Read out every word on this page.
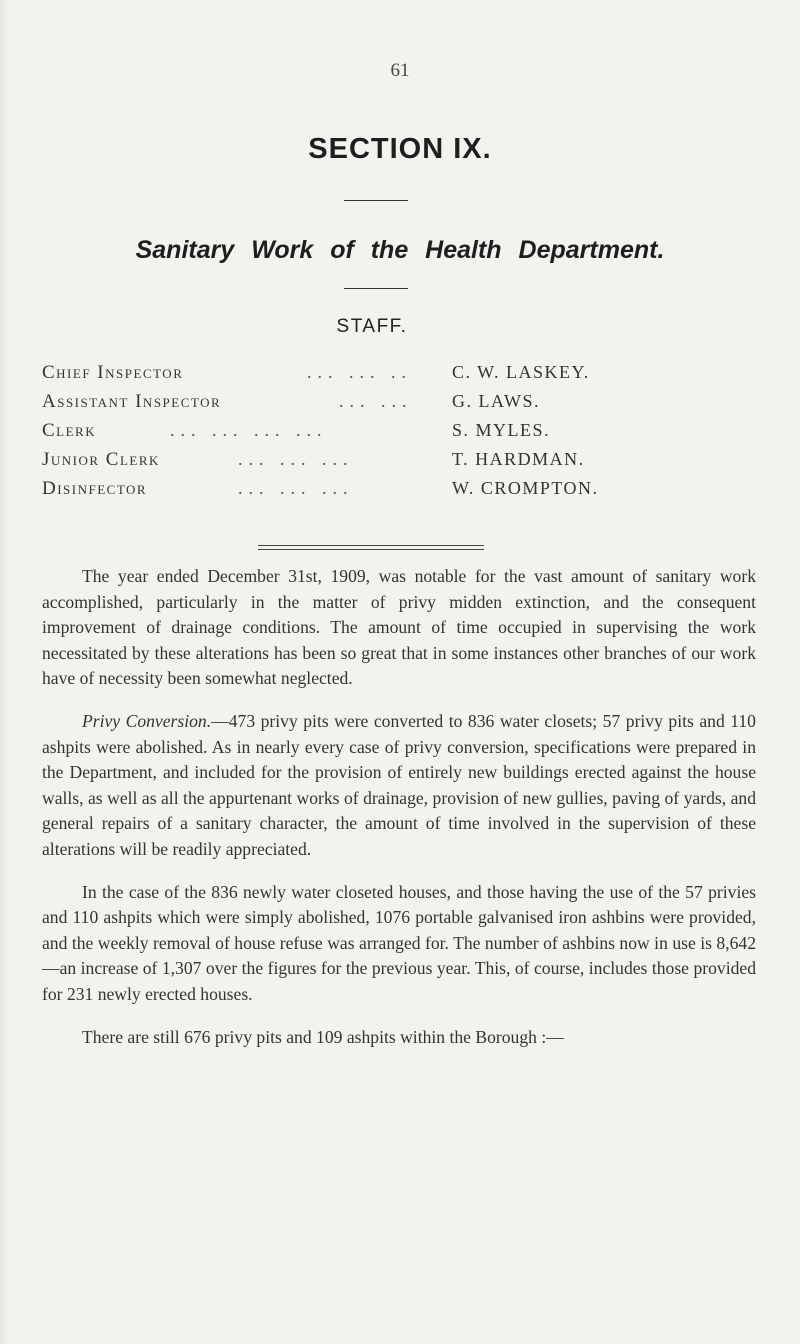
61
SECTION IX.
Sanitary Work of the Health Department.
STAFF.
Chief Inspector	... ... .. C. W. LASKEY.
Assistant Inspector	... ... G. LAWS.
Clerk	... ... ... ...	S. MYLES.
Junior Clerk	... ... ...	T. HARDMAN.
Disinfector	... ... ...	W. CROMPTON.

The year ended December 31st, 1909, was notable for the vast amount of sanitary work accomplished, particularly in the matter of privy midden extinction, and the consequent improvement of drainage conditions. The amount of time occupied in supervising the work necessitated by these alterations has been so great that in some instances other branches of our work have of necessity been somewhat neglected.

Privy Conversion.—473 privy pits were converted to 836 water closets; 57 privy pits and 110 ashpits were abolished. As in nearly every case of privy conversion, specifications were prepared in the Department, and included for the provision of entirely new buildings erected against the house walls, as well as all the appurtenant works of drainage, provision of new gullies, paving of yards, and general repairs of a sanitary character, the amount of time involved in the supervision of these alterations will be readily appreciated.

In the case of the 836 newly water closeted houses, and those having the use of the 57 privies and 110 ashpits which were simply abolished, 1076 portable galvanised iron ashbins were provided, and the weekly removal of house refuse was arranged for. The number of ashbins now in use is 8,642—an increase of 1,307 over the figures for the previous year. This, of course, includes those provided for 231 newly erected houses.

There are still 676 privy pits and 109 ashpits within the Borough :—
